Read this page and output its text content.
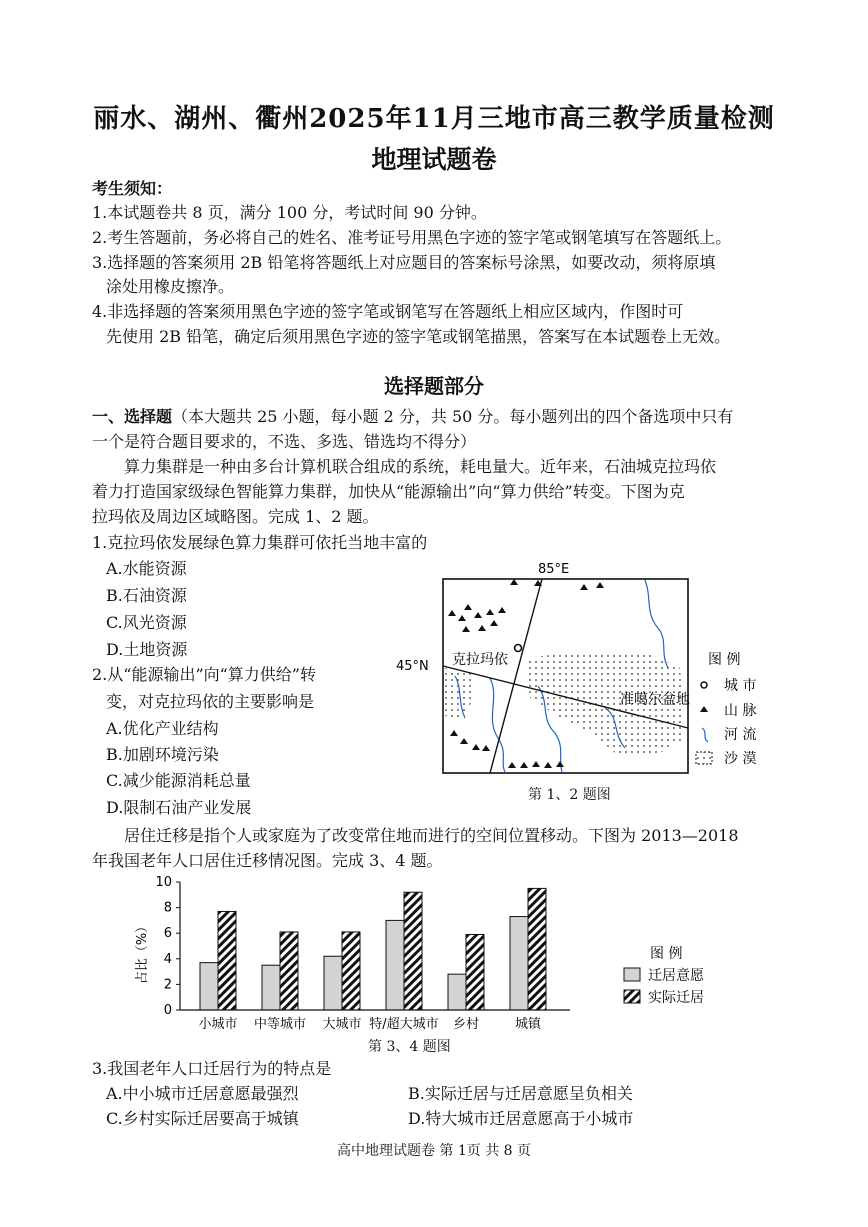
丽水、湖州、衢州2025年11月三地市高三教学质量检测
地理试题卷
考生须知：
1.本试题卷共 8 页，满分 100 分，考试时间 90 分钟。
2.考生答题前，务必将自己的姓名、准考证号用黑色字迹的签字笔或钢笔填写在答题纸上。
3.选择题的答案须用 2B 铅笔将答题纸上对应题目的答案标号涂黑，如要改动，须将原填
涂处用橡皮擦净。
4.非选择题的答案须用黑色字迹的签字笔或钢笔写在答题纸上相应区域内，作图时可
先使用 2B 铅笔，确定后须用黑色字迹的签字笔或钢笔描黑，答案写在本试题卷上无效。
选择题部分
一、选择题（本大题共 25 小题，每小题 2 分，共 50 分。每小题列出的四个备选项中只有
一个是符合题目要求的，不选、多选、错选均不得分）
算力集群是一种由多台计算机联合组成的系统，耗电量大。近年来，石油城克拉玛依
着力打造国家级绿色智能算力集群，加快从“能源输出”向“算力供给”转变。下图为克
拉玛依及周边区域略图。完成 1、2 题。
1.克拉玛依发展绿色算力集群可依托当地丰富的
A.水能资源
B.石油资源
C.风光资源
D.土地资源
2.从“能源输出”向“算力供给”转
变，对克拉玛依的主要影响是
A.优化产业结构
B.加剧环境污染
C.减少能源消耗总量
D.限制石油产业发展
85°E
45°N 克拉玛依
准噶尔盆地
图 例
城 市
山 脉
河 流
沙 漠
第 1、2 题图
居住迁移是指个人或家庭为了改变常住地而进行的空间位置移动。下图为 2013—2018
年我国老年人口居住迁移情况图。完成 3、4 题。
0
2
4
6
8
10
小城市 中等城市 大城市 特/超大城市 乡村	城镇
占比（%）	图 例
迁居意愿
实际迁居
第 3、4 题图
3.我国老年人口迁居行为的特点是
A.中小城市迁居意愿最强烈	B.实际迁居与迁居意愿呈负相关
C.乡村实际迁居要高于城镇	D.特大城市迁居意愿高于小城市
高中地理试题卷 第 1页 共 8 页
